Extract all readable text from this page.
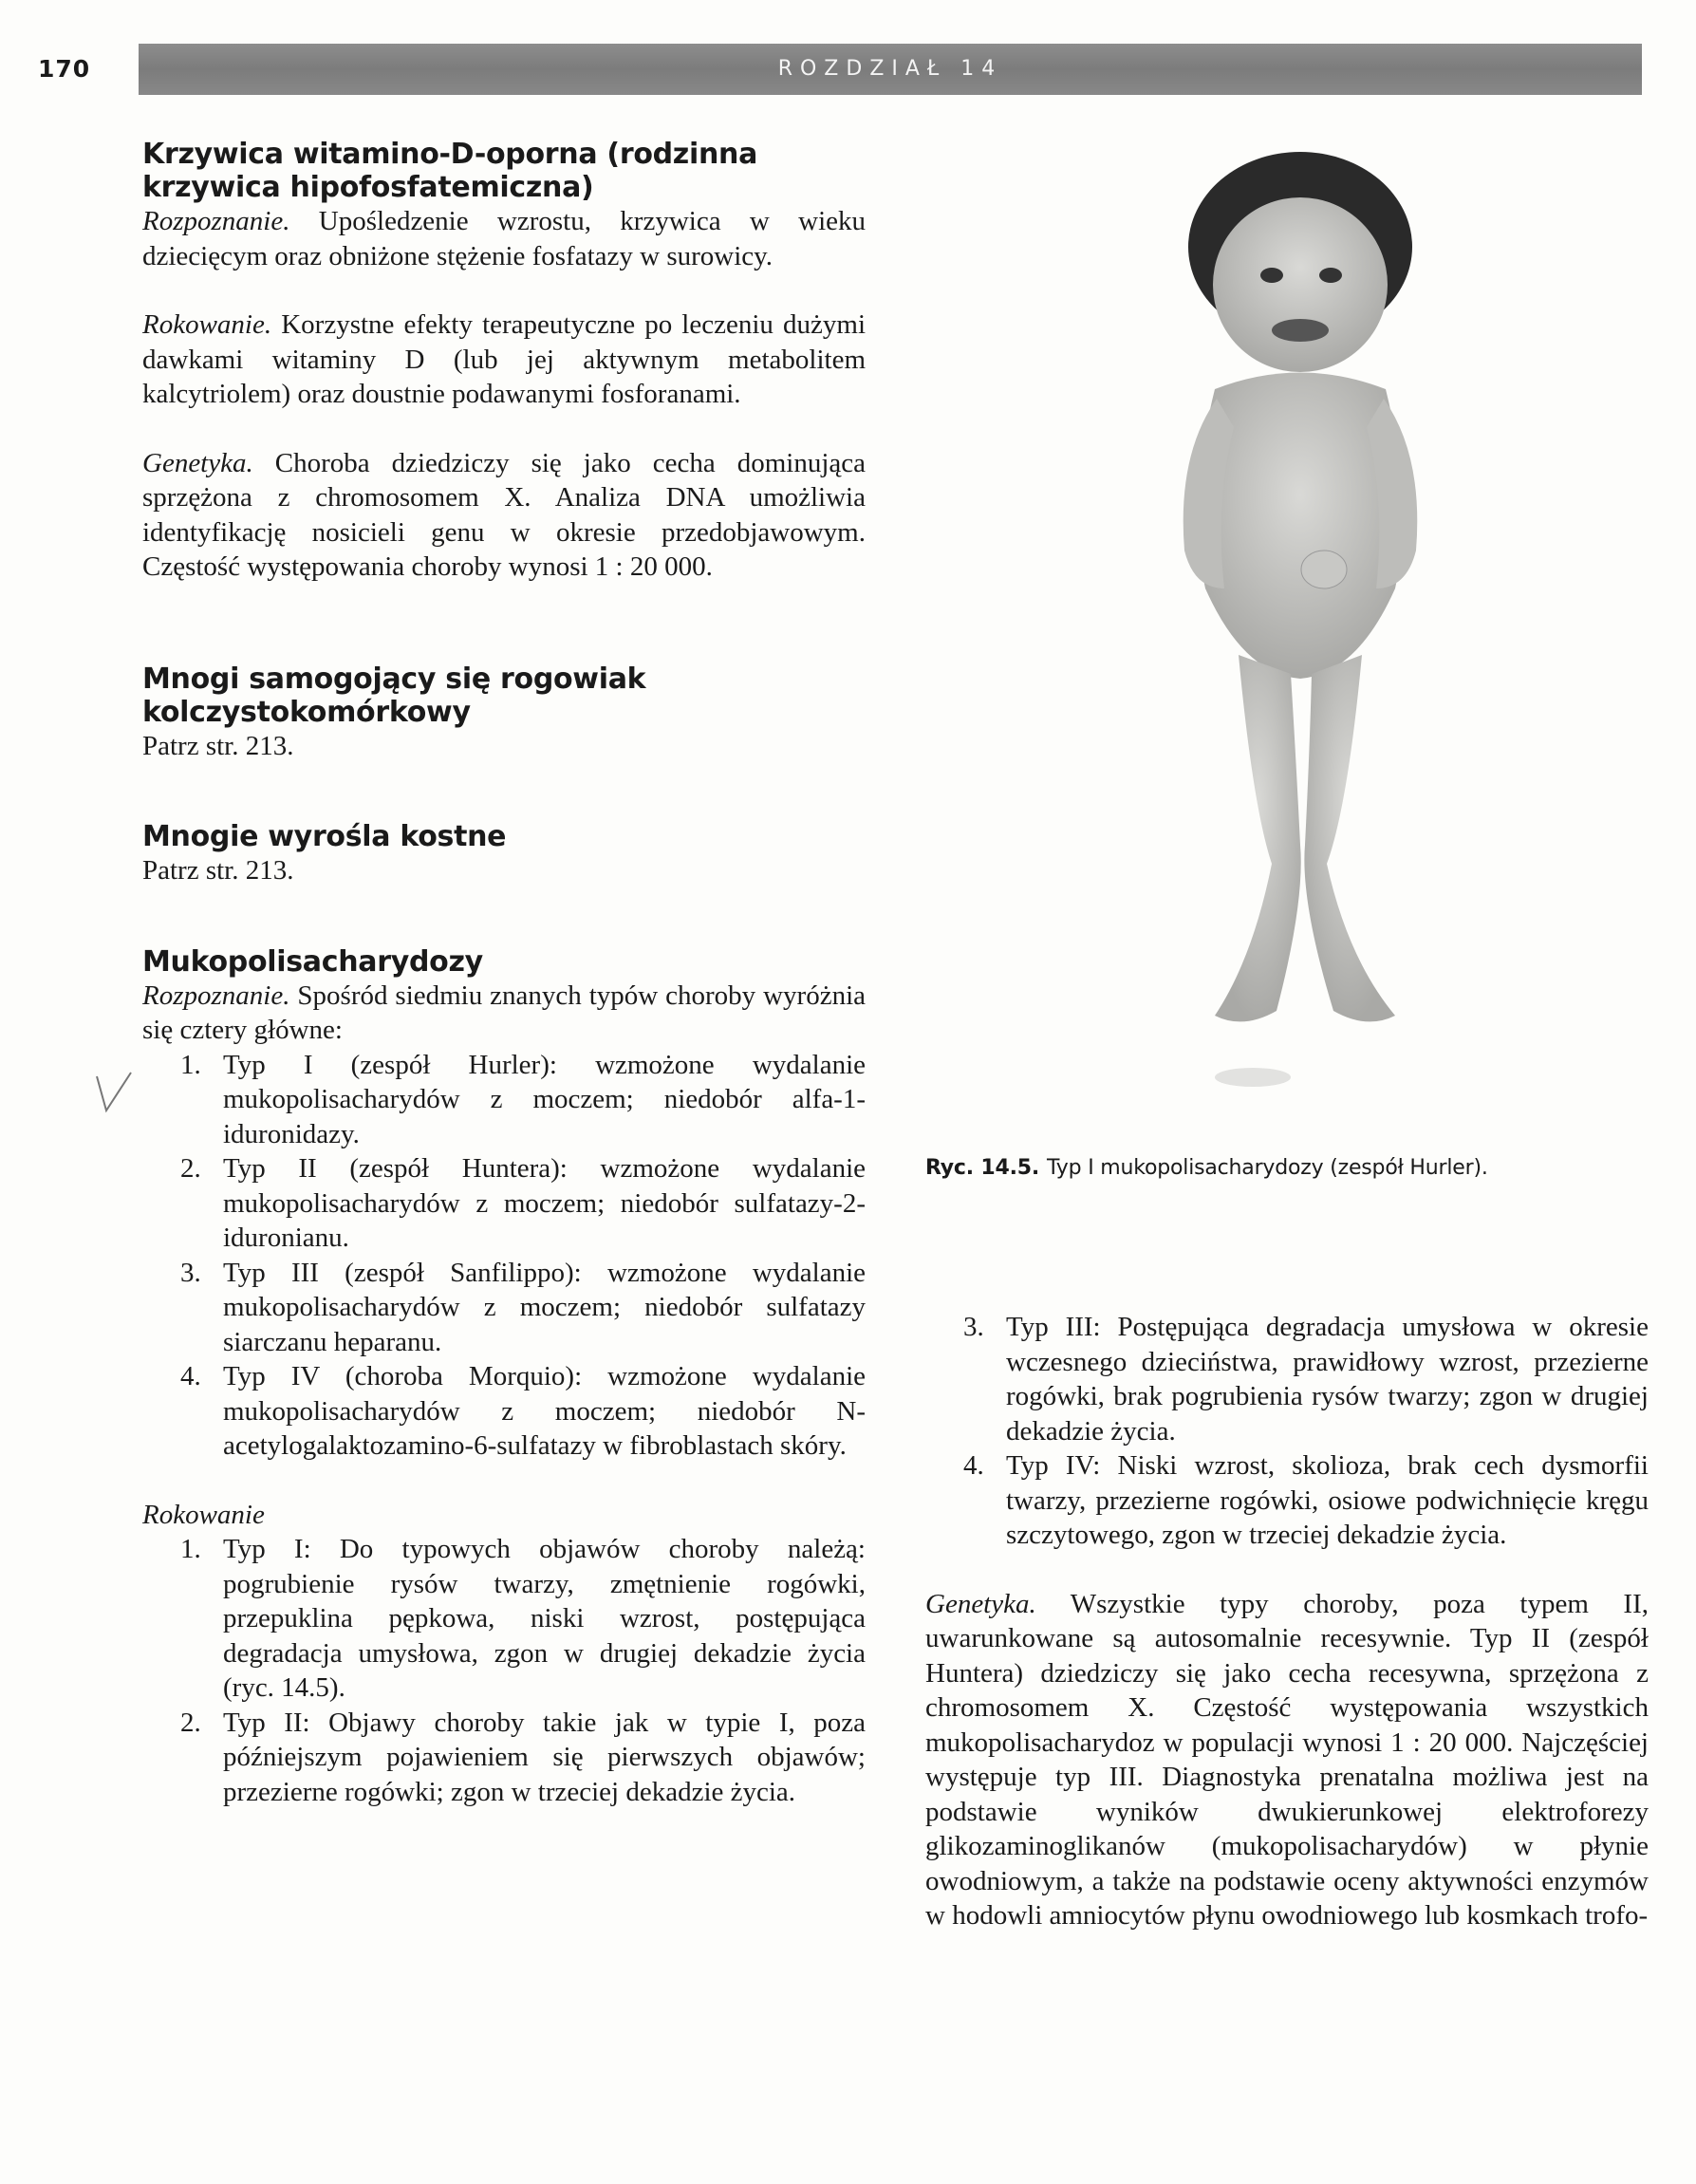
170	ROZDZIAŁ 14
Krzywica witamino-D-oporna (rodzinna
krzywica hipofosfatemiczna)

Rozpoznanie. Upośledzenie wzrostu, krzywica w wieku dziecięcym oraz obniżone stężenie fosfatazy w surowicy.

Rokowanie. Korzystne efekty terapeutyczne po leczeniu dużymi dawkami witaminy D (lub jej aktywnym metabolitem kalcytriolem) oraz doustnie podawanymi fosforanami.

Genetyka. Choroba dziedziczy się jako cecha dominująca sprzężona z chromosomem X. Analiza DNA umożliwia identyfikację nosicieli genu w okresie przedobjawowym. Częstość występowania choroby wynosi 1 : 20 000.

Mnogi samogojący się rogowiak
kolczystokomórkowy

Patrz str. 213.

Mnogie wyrośla kostne

Patrz str. 213.

Mukopolisacharydozy

Rozpoznanie. Spośród siedmiu znanych typów choroby wyróżnia się cztery główne:

1. Typ I (zespół Hurler): wzmożone wydalanie mukopolisacharydów z moczem; niedobór alfa-1-iduronidazy.
2. Typ II (zespół Huntera): wzmożone wydalanie mukopolisacharydów z moczem; niedobór sulfatazy-2-iduronianu.
3. Typ III (zespół Sanfilippo): wzmożone wydalanie mukopolisacharydów z moczem; niedobór sulfatazy siarczanu heparanu.
4. Typ IV (choroba Morquio): wzmożone wydalanie mukopolisacharydów z moczem; niedobór N-acetylogalaktozamino-6-sulfatazy w fibroblastach skóry.

Rokowanie

1. Typ I: Do typowych objawów choroby należą: pogrubienie rysów twarzy, zmętnienie rogówki, przepuklina pępkowa, niski wzrost, postępująca degradacja umysłowa, zgon w drugiej dekadzie życia (ryc. 14.5).
2. Typ II: Objawy choroby takie jak w typie I, poza późniejszym pojawieniem się pierwszych objawów; przezierne rogówki; zgon w trzeciej dekadzie życia.
Ryc. 14.5. Typ I mukopolisacharydozy (zespół Hurler).
3. Typ III: Postępująca degradacja umysłowa w okresie wczesnego dzieciństwa, prawidłowy wzrost, przezierne rogówki, brak pogrubienia rysów twarzy; zgon w drugiej dekadzie życia.
4. Typ IV: Niski wzrost, skolioza, brak cech dysmorfii twarzy, przezierne rogówki, osiowe podwichnięcie kręgu szczytowego, zgon w trzeciej dekadzie życia.

Genetyka. Wszystkie typy choroby, poza typem II, uwarunkowane są autosomalnie recesywnie. Typ II (zespół Huntera) dziedziczy się jako cecha recesywna, sprzężona z chromosomem X. Częstość występowania wszystkich mukopolisacharydoz w populacji wynosi 1 : 20 000. Najczęściej występuje typ III. Diagnostyka prenatalna możliwa jest na podstawie wyników dwukierunkowej elektroforezy glikozaminoglikanów (mukopolisacharydów) w płynie owodniowym, a także na podstawie oceny aktywności enzymów w hodowli amniocytów płynu owodniowego lub kosmkach trofo-
